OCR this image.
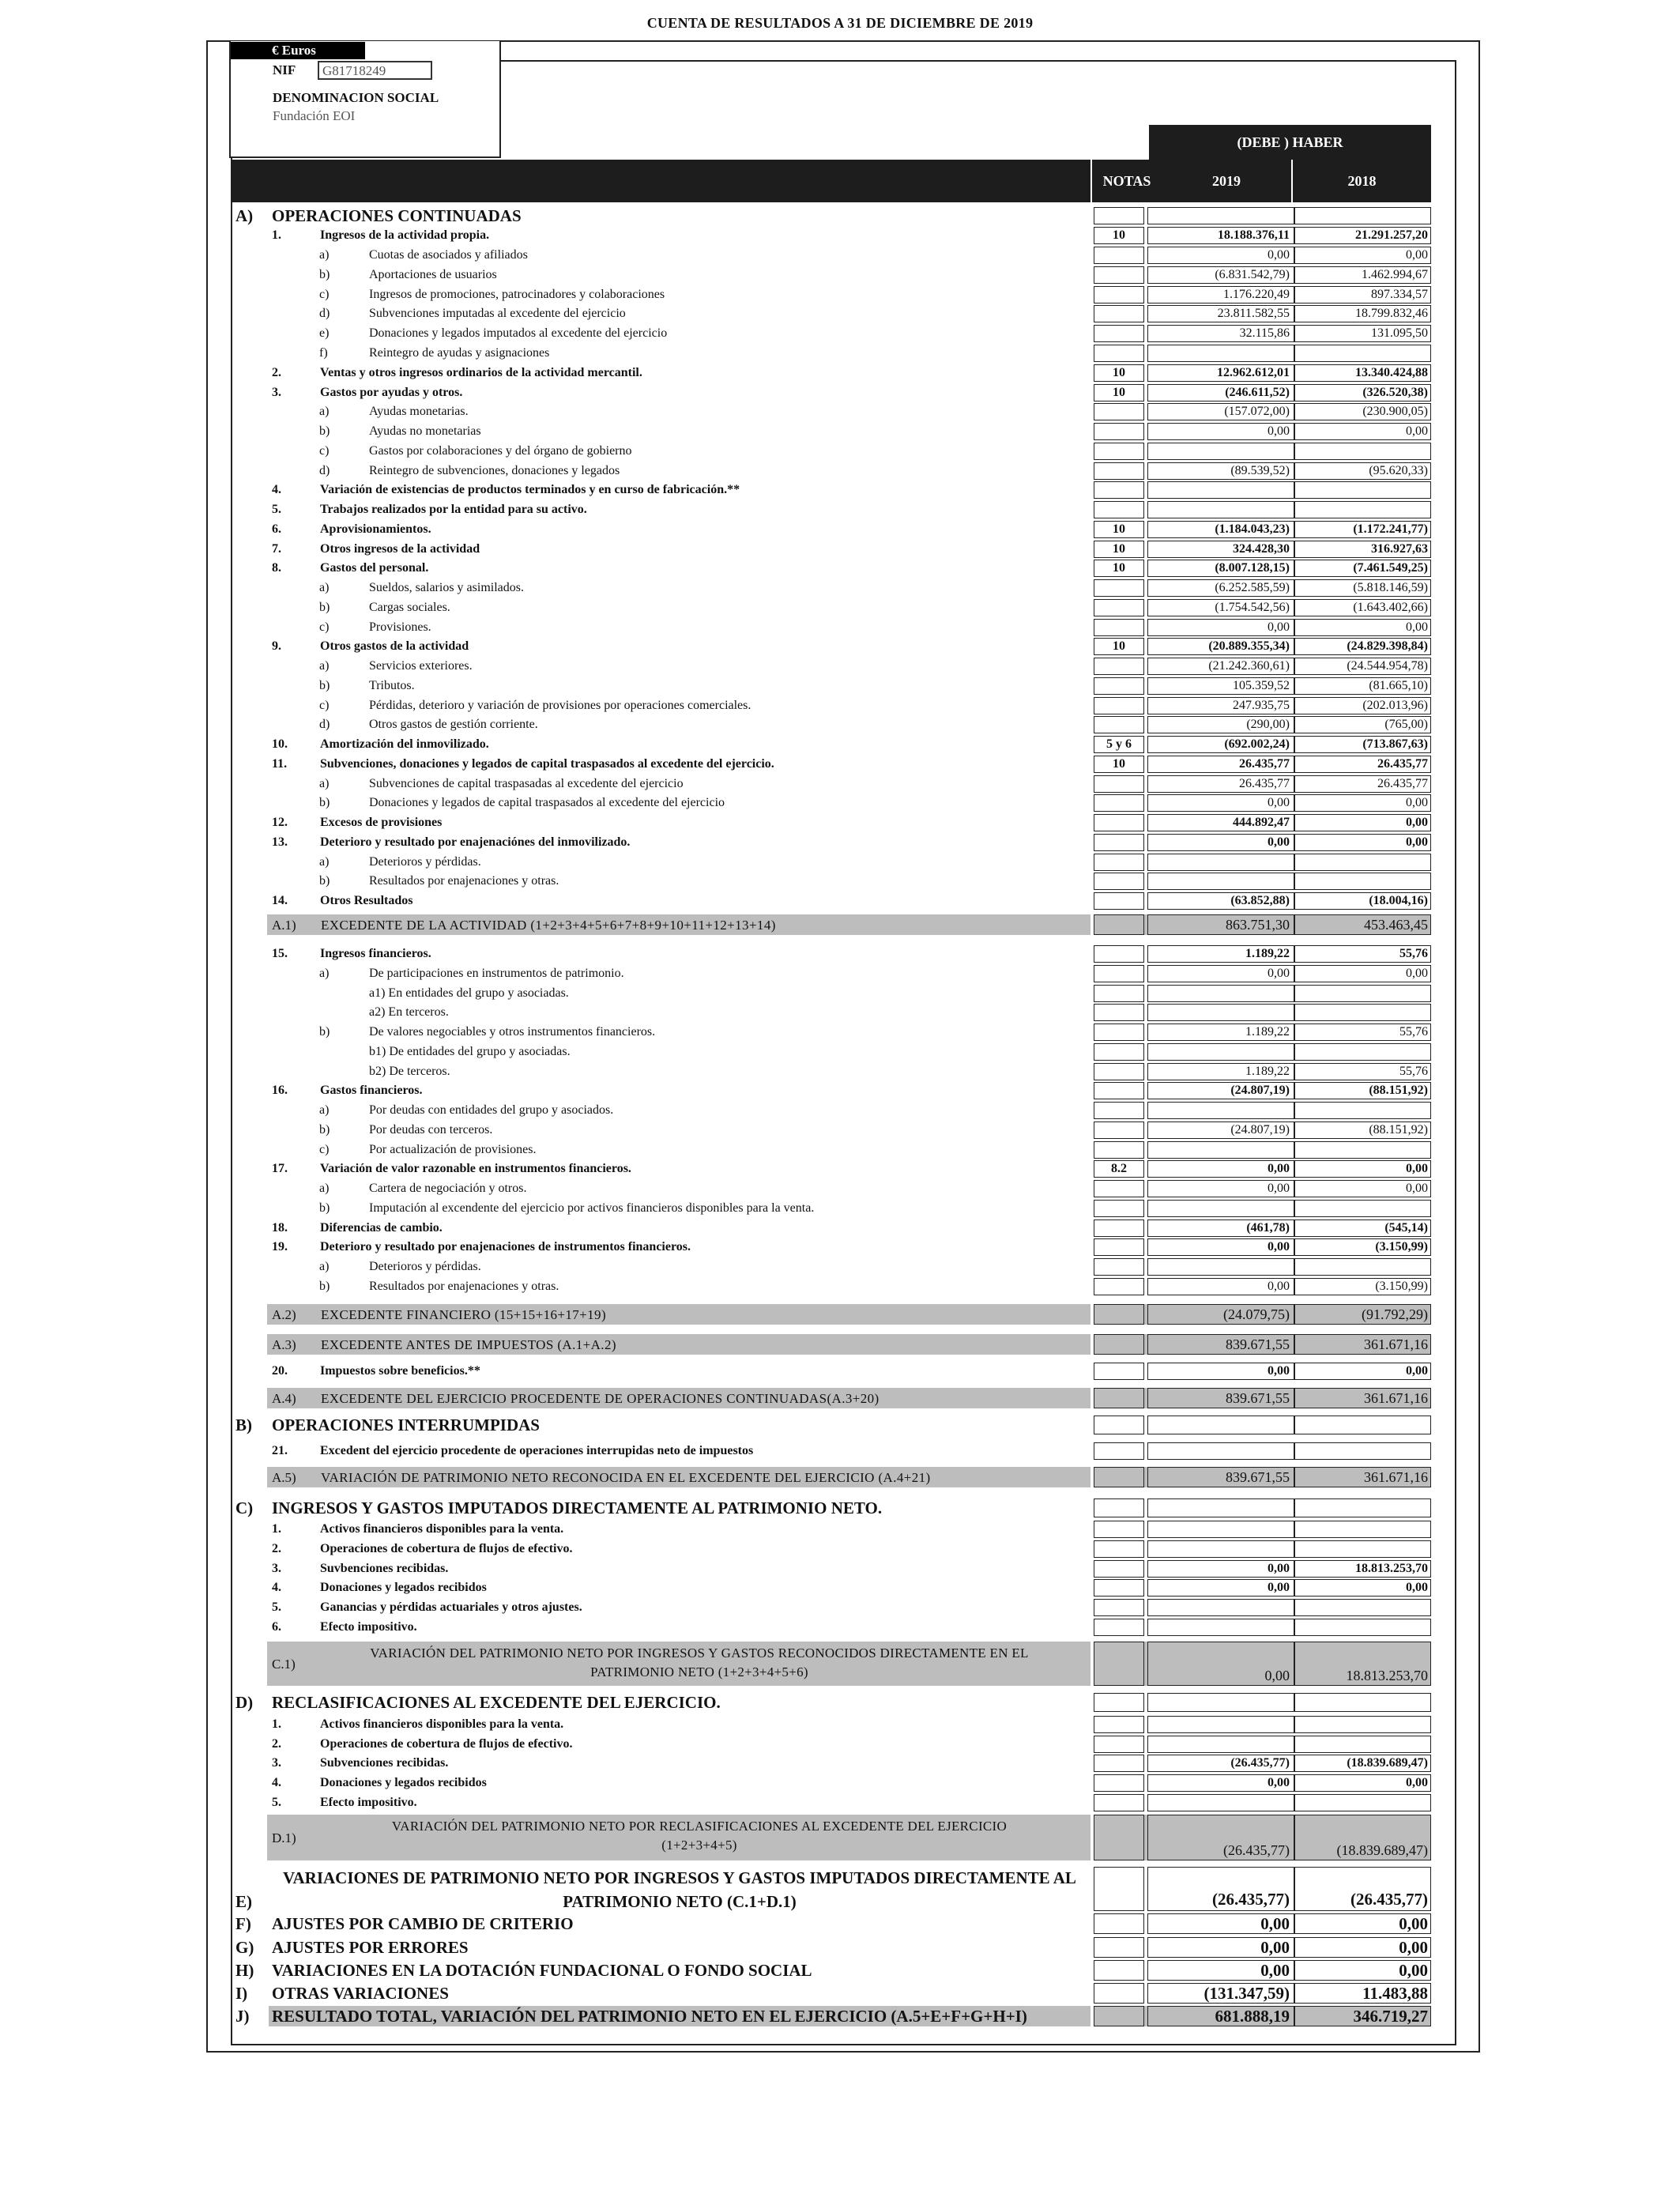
CUENTA DE RESULTADOS A 31 DE DICIEMBRE DE 2019
€ Euros
NIF	G81718249
DENOMINACION SOCIAL
Fundación EOI
(DEBE ) HABER
NOTAS	2019	2018
A) OPERACIONES CONTINUADAS
1.	Ingresos de la actividad propia.	10	18.188.376,11	21.291.257,20
a)	Cuotas de asociados y afiliados	0,00	0,00
b)	Aportaciones de usuarios	(6.831.542,79)	1.462.994,67
c)	Ingresos de promociones, patrocinadores y colaboraciones	1.176.220,49	897.334,57
d)	Subvenciones imputadas al excedente del ejercicio	23.811.582,55	18.799.832,46
e)	Donaciones y legados imputados al excedente del ejercicio	32.115,86	131.095,50
f)	Reintegro de ayudas y asignaciones
2.	Ventas y otros ingresos ordinarios de la actividad mercantil.	10	12.962.612,01	13.340.424,88
3.	Gastos por ayudas y otros.	10	(246.611,52)	(326.520,38)
a)	Ayudas monetarias.	(157.072,00)	(230.900,05)
b)	Ayudas no monetarias	0,00	0,00
c)	Gastos por colaboraciones y del órgano de gobierno
d)	Reintegro de subvenciones, donaciones y legados	(89.539,52)	(95.620,33)
4.	Variación de existencias de productos terminados y en curso de fabricación.**
5.	Trabajos realizados por la entidad para su activo.
6.	Aprovisionamientos.	10	(1.184.043,23)	(1.172.241,77)
7.	Otros ingresos de la actividad	10	324.428,30	316.927,63
8.	Gastos del personal.	10	(8.007.128,15)	(7.461.549,25)
a)	Sueldos, salarios y asimilados.	(6.252.585,59)	(5.818.146,59)
b)	Cargas sociales.	(1.754.542,56)	(1.643.402,66)
c)	Provisiones.	0,00	0,00
9.	Otros gastos de la actividad	10	(20.889.355,34)	(24.829.398,84)
a)	Servicios exteriores.	(21.242.360,61)	(24.544.954,78)
b)	Tributos.	105.359,52	(81.665,10)
c)	Pérdidas, deterioro y variación de provisiones por operaciones comerciales.	247.935,75	(202.013,96)
d)	Otros gastos de gestión corriente.	(290,00)	(765,00)
10.	Amortización del inmovilizado.	5 y 6	(692.002,24)	(713.867,63)
11.	Subvenciones, donaciones y legados de capital traspasados al excedente del ejercicio.	10	26.435,77	26.435,77
a)	Subvenciones de capital traspasadas al excedente del ejercicio	26.435,77	26.435,77
b)	Donaciones y legados de capital traspasados al excedente del ejercicio	0,00	0,00
12.	Excesos de provisiones	444.892,47	0,00
13.	Deterioro y resultado por enajenaciónes del inmovilizado.	0,00	0,00
a)	Deterioros y pérdidas.
b)	Resultados por enajenaciones y otras.
14.	Otros Resultados	(63.852,88)	(18.004,16)
A.1) EXCEDENTE DE LA ACTIVIDAD (1+2+3+4+5+6+7+8+9+10+11+12+13+14)	863.751,30	453.463,45
15.	Ingresos financieros.	1.189,22	55,76
a)	De participaciones en instrumentos de patrimonio.	0,00	0,00
a1) En entidades del grupo y asociadas.
a2) En terceros.
b)	De valores negociables y otros instrumentos financieros.	1.189,22	55,76
b1) De entidades del grupo y asociadas.
b2) De terceros.	1.189,22	55,76
16.	Gastos financieros.	(24.807,19)	(88.151,92)
a)	Por deudas con entidades del grupo y asociados.
b)	Por deudas con terceros.	(24.807,19)	(88.151,92)
c)	Por actualización de provisiones.
17.	Variación de valor razonable en instrumentos financieros.	8.2	0,00	0,00
a)	Cartera de negociación y otros.	0,00	0,00
b)	Imputación al excendente del ejercicio por activos financieros disponibles para la venta.
18.	Diferencias de cambio.	(461,78)	(545,14)
19.	Deterioro y resultado por enajenaciones de instrumentos financieros.	0,00	(3.150,99)
a)	Deterioros y pérdidas.
b)	Resultados por enajenaciones y otras.	0,00	(3.150,99)
A.2) EXCEDENTE FINANCIERO (15+15+16+17+19)	(24.079,75)	(91.792,29)
A.3) EXCEDENTE ANTES DE IMPUESTOS (A.1+A.2)	839.671,55	361.671,16
20.	Impuestos sobre beneficios.**	0,00	0,00
A.4) EXCEDENTE DEL EJERCICIO PROCEDENTE DE OPERACIONES CONTINUADAS(A.3+20)	839.671,55	361.671,16
B) OPERACIONES INTERRUMPIDAS
21.	Excedent del ejercicio procedente de operaciones interrupidas neto de impuestos
A.5) VARIACIÓN DE PATRIMONIO NETO RECONOCIDA EN EL EXCEDENTE DEL EJERCICIO (A.4+21)	839.671,55	361.671,16
C) INGRESOS Y GASTOS IMPUTADOS DIRECTAMENTE AL PATRIMONIO NETO.
1.	Activos financieros disponibles para la venta.
2.	Operaciones de cobertura de flujos de efectivo.
3.	Suvbenciones recibidas.	0,00	18.813.253,70
4.	Donaciones y legados recibidos	0,00	0,00
5.	Ganancias y pérdidas actuariales y otros ajustes.
6.	Efecto impositivo.
C.1)
VARIACIÓN DEL PATRIMONIO NETO POR INGRESOS Y GASTOS RECONOCIDOS DIRECTAMENTE EN EL
PATRIMONIO NETO (1+2+3+4+5+6)	0,00	18.813.253,70
D) RECLASIFICACIONES AL EXCEDENTE DEL EJERCICIO.
1.	Activos financieros disponibles para la venta.
2.	Operaciones de cobertura de flujos de efectivo.
3.	Subvenciones recibidas.	(26.435,77)	(18.839.689,47)
4.	Donaciones y legados recibidos	0,00	0,00
5.	Efecto impositivo.
D.1)
VARIACIÓN DEL PATRIMONIO NETO POR RECLASIFICACIONES AL EXCEDENTE DEL EJERCICIO
(1+2+3+4+5)	(26.435,77)	(18.839.689,47)
E)
VARIACIONES DE PATRIMONIO NETO POR INGRESOS Y GASTOS IMPUTADOS DIRECTAMENTE AL
PATRIMONIO NETO (C.1+D.1)	(26.435,77)	(26.435,77)
F) AJUSTES POR CAMBIO DE CRITERIO	0,00	0,00
G) AJUSTES POR ERRORES	0,00	0,00
H) VARIACIONES EN LA DOTACIÓN FUNDACIONAL O FONDO SOCIAL	0,00	0,00
I) OTRAS VARIACIONES	(131.347,59)	11.483,88
J) RESULTADO TOTAL, VARIACIÓN DEL PATRIMONIO NETO EN EL EJERCICIO (A.5+E+F+G+H+I)	681.888,19	346.719,27
